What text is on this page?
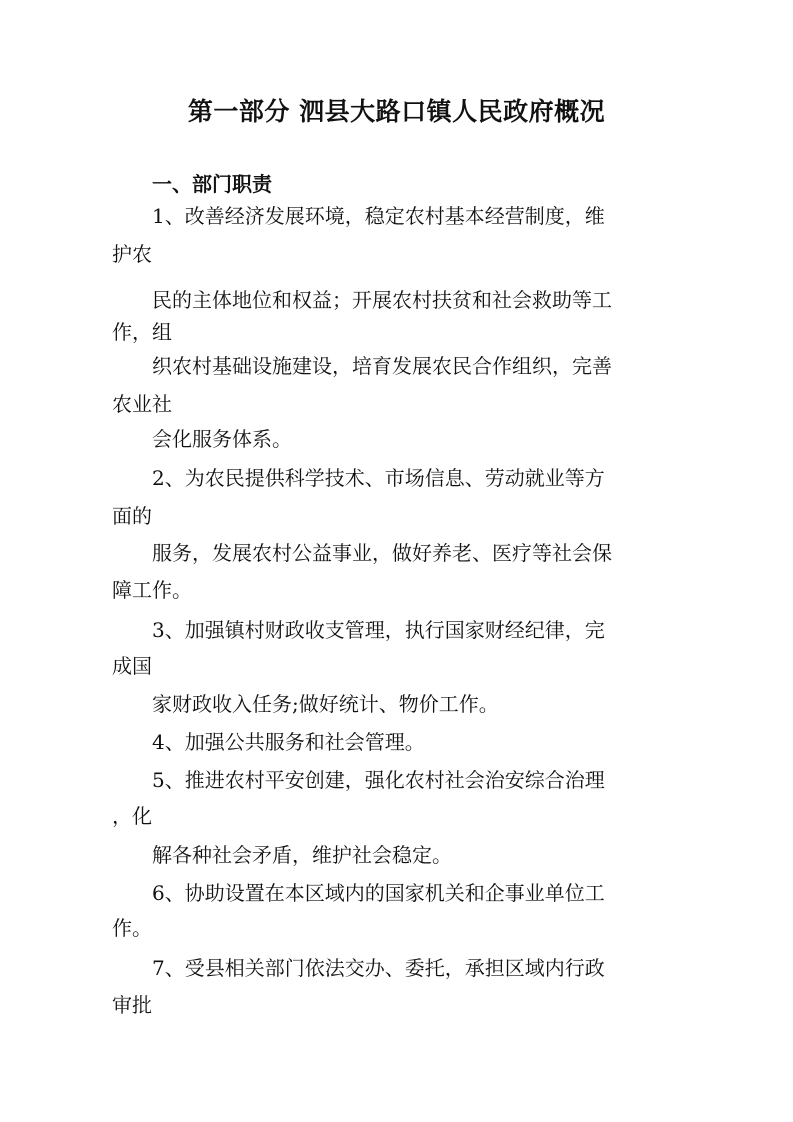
第一部分 泗县大路口镇人民政府概况
一、部门职责

1、改善经济发展环境，稳定农村基本经营制度，维

护农

民的主体地位和权益；开展农村扶贫和社会救助等工

作，组

织农村基础设施建设，培育发展农民合作组织，完善

农业社

会化服务体系。

2、为农民提供科学技术、市场信息、劳动就业等方

面的

服务，发展农村公益事业，做好养老、医疗等社会保

障工作。

3、加强镇村财政收支管理，执行国家财经纪律，完

成国

家财政收入任务;做好统计、物价工作。

4、加强公共服务和社会管理。

5、推进农村平安创建，强化农村社会治安综合治理

，化

解各种社会矛盾，维护社会稳定。

6、协助设置在本区域内的国家机关和企事业单位工

作。

7、受县相关部门依法交办、委托，承担区域内行政

审批
